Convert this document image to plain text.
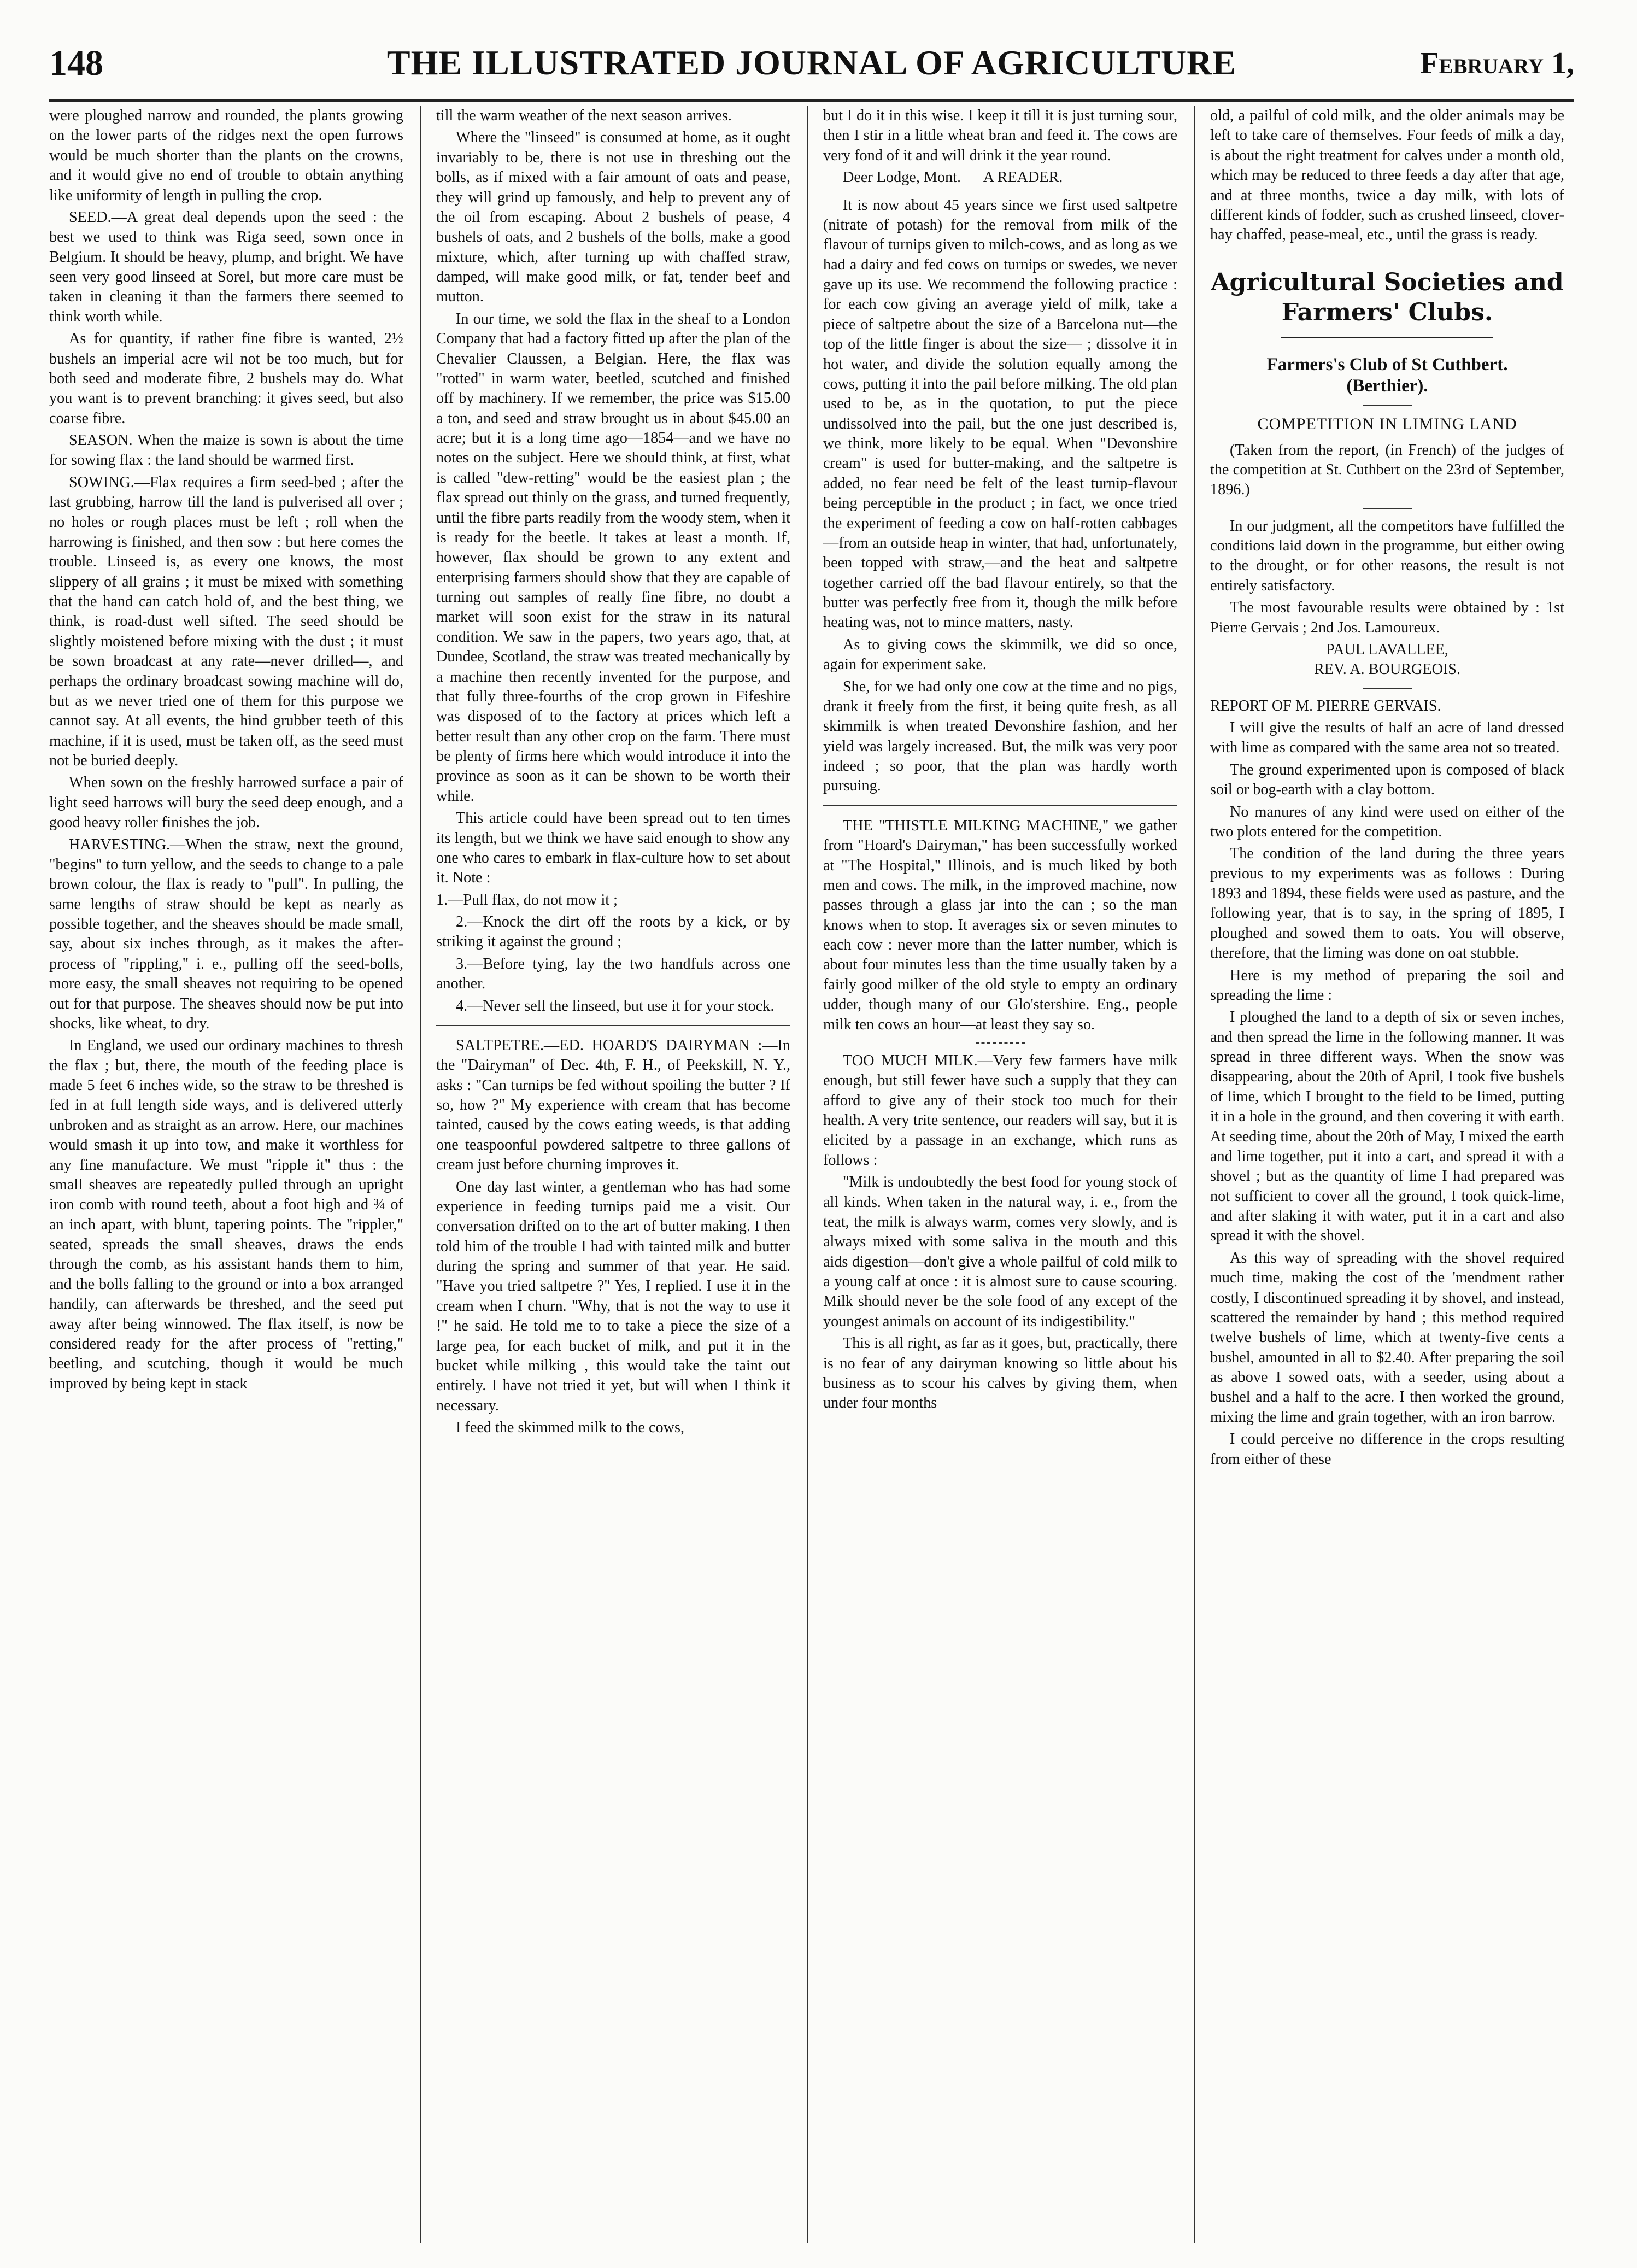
148	THE ILLUSTRATED JOURNAL OF AGRICULTURE	February 1,

were ploughed narrow and rounded, the plants growing on the lower parts of the ridges next the open furrows would be much shorter than the plants on the crowns, and it would give no end of trouble to obtain anything like uniformity of length in pulling the crop.

SEED.—A great deal depends upon the seed : the best we used to think was Riga seed, sown once in Belgium. It should be heavy, plump, and bright. We have seen very good linseed at Sorel, but more care must be taken in cleaning it than the farmers there seemed to think worth while.

As for quantity, if rather fine fibre is wanted, 2½ bushels an imperial acre wil not be too much, but for both seed and moderate fibre, 2 bushels may do. What you want is to prevent branching: it gives seed, but also coarse fibre.

SEASON. When the maize is sown is about the time for sowing flax : the land should be warmed first.

SOWING.—Flax requires a firm seed-bed ; after the last grubbing, harrow till the land is pulverised all over ; no holes or rough places must be left ; roll when the harrowing is finished, and then sow : but here comes the trouble. Linseed is, as every one knows, the most slippery of all grains ; it must be mixed with something that the hand can catch hold of, and the best thing, we think, is road-dust well sifted. The seed should be slightly moistened before mixing with the dust ; it must be sown broadcast at any rate—never drilled—, and perhaps the ordinary broadcast sowing machine will do, but as we never tried one of them for this purpose we cannot say. At all events, the hind grubber teeth of this machine, if it is used, must be taken off, as the seed must not be buried deeply.

When sown on the freshly harrowed surface a pair of light seed harrows will bury the seed deep enough, and a good heavy roller finishes the job.

HARVESTING.—When the straw, next the ground, "begins" to turn yellow, and the seeds to change to a pale brown colour, the flax is ready to "pull". In pulling, the same lengths of straw should be kept as nearly as possible together, and the sheaves should be made small, say, about six inches through, as it makes the after-process of "rippling," i. e., pulling off the seed-bolls, more easy, the small sheaves not requiring to be opened out for that purpose. The sheaves should now be put into shocks, like wheat, to dry.

In England, we used our ordinary machines to thresh the flax ; but, there, the mouth of the feeding place is made 5 feet 6 inches wide, so the straw to be threshed is fed in at full length side ways, and is delivered utterly unbroken and as straight as an arrow. Here, our machines would smash it up into tow, and make it worthless for any fine manufacture. We must "ripple it" thus : the small sheaves are repeatedly pulled through an upright iron comb with round teeth, about a foot high and ¾ of an inch apart, with blunt, tapering points. The "rippler," seated, spreads the small sheaves, draws the ends through the comb, as his assistant hands them to him, and the bolls falling to the ground or into a box arranged handily, can afterwards be threshed, and the seed put away after being winnowed. The flax itself, is now be considered ready for the after process of "retting," beetling, and scutching, though it would be much improved by being kept in stack

till the warm weather of the next season arrives.

Where the "linseed" is consumed at home, as it ought invariably to be, there is not use in threshing out the bolls, as if mixed with a fair amount of oats and pease, they will grind up famously, and help to prevent any of the oil from escaping. About 2 bushels of pease, 4 bushels of oats, and 2 bushels of the bolls, make a good mixture, which, after turning up with chaffed straw, damped, will make good milk, or fat, tender beef and mutton.

In our time, we sold the flax in the sheaf to a London Company that had a factory fitted up after the plan of the Chevalier Claussen, a Belgian. Here, the flax was "rotted" in warm water, beetled, scutched and finished off by machinery. If we remember, the price was $15.00 a ton, and seed and straw brought us in about $45.00 an acre; but it is a long time ago—1854—and we have no notes on the subject. Here we should think, at first, what is called "dew-retting" would be the easiest plan ; the flax spread out thinly on the grass, and turned frequently, until the fibre parts readily from the woody stem, when it is ready for the beetle. It takes at least a month. If, however, flax should be grown to any extent and enterprising farmers should show that they are capable of turning out samples of really fine fibre, no doubt a market will soon exist for the straw in its natural condition. We saw in the papers, two years ago, that, at Dundee, Scotland, the straw was treated mechanically by a machine then recently invented for the purpose, and that fully three-fourths of the crop grown in Fifeshire was disposed of to the factory at prices which left a better result than any other crop on the farm. There must be plenty of firms here which would introduce it into the province as soon as it can be shown to be worth their while.

This article could have been spread out to ten times its length, but we think we have said enough to show any one who cares to embark in flax-culture how to set about it. Note :

1.—Pull flax, do not mow it ;

2.—Knock the dirt off the roots by a kick, or by striking it against the ground ;

3.—Before tying, lay the two handfuls across one another.

4.—Never sell the linseed, but use it for your stock.

SALTPETRE.—ED. HOARD'S DAIRYMAN :—In the "Dairyman" of Dec. 4th, F. H., of Peekskill, N. Y., asks : "Can turnips be fed without spoiling the butter ? If so, how ?" My experience with cream that has become tainted, caused by the cows eating weeds, is that adding one teaspoonful powdered saltpetre to three gallons of cream just before churning improves it.

One day last winter, a gentleman who has had some experience in feeding turnips paid me a visit. Our conversation drifted on to the art of butter making. I then told him of the trouble I had with tainted milk and butter during the spring and summer of that year. He said. "Have you tried saltpetre ?" Yes, I replied. I use it in the cream when I churn. "Why, that is not the way to use it !" he said. He told me to to take a piece the size of a large pea, for each bucket of milk, and put it in the bucket while milking , this would take the taint out entirely. I have not tried it yet, but will when I think it necessary.

I feed the skimmed milk to the cows,

but I do it in this wise. I keep it till it is just turning sour, then I stir in a little wheat bran and feed it. The cows are very fond of it and will drink it the year round.

Deer Lodge, Mont.      A READER.

It is now about 45 years since we first used saltpetre (nitrate of potash) for the removal from milk of the flavour of turnips given to milch-cows, and as long as we had a dairy and fed cows on turnips or swedes, we never gave up its use. We recommend the following practice : for each cow giving an average yield of milk, take a piece of saltpetre about the size of a Barcelona nut—the top of the little finger is about the size— ; dissolve it in hot water, and divide the solution equally among the cows, putting it into the pail before milking. The old plan used to be, as in the quotation, to put the piece undissolved into the pail, but the one just described is, we think, more likely to be equal. When "Devonshire cream" is used for butter-making, and the saltpetre is added, no fear need be felt of the least turnip-flavour being perceptible in the product ; in fact, we once tried the experiment of feeding a cow on half-rotten cabbages—from an outside heap in winter, that had, unfortunately, been topped with straw,—and the heat and saltpetre together carried off the bad flavour entirely, so that the butter was perfectly free from it, though the milk before heating was, not to mince matters, nasty.

As to giving cows the skimmilk, we did so once, again for experiment sake.

She, for we had only one cow at the time and no pigs, drank it freely from the first, it being quite fresh, as all skimmilk is when treated Devonshire fashion, and her yield was largely increased. But, the milk was very poor indeed ; so poor, that the plan was hardly worth pursuing.

THE "THISTLE MILKING MACHINE," we gather from "Hoard's Dairyman," has been successfully worked at "The Hospital," Illinois, and is much liked by both men and cows. The milk, in the improved machine, now passes through a glass jar into the can ; so the man knows when to stop. It averages six or seven minutes to each cow : never more than the latter number, which is about four minutes less than the time usually taken by a fairly good milker of the old style to empty an ordinary udder, though many of our Glo'stershire. Eng., people milk ten cows an hour—at least they say so.

TOO MUCH MILK.—Very few farmers have milk enough, but still fewer have such a supply that they can afford to give any of their stock too much for their health. A very trite sentence, our readers will say, but it is elicited by a passage in an exchange, which runs as follows :

"Milk is undoubtedly the best food for young stock of all kinds. When taken in the natural way, i. e., from the teat, the milk is always warm, comes very slowly, and is always mixed with some saliva in the mouth and this aids digestion—don't give a whole pailful of cold milk to a young calf at once : it is almost sure to cause scouring. Milk should never be the sole food of any except of the youngest animals on account of its indigestibility."

This is all right, as far as it goes, but, practically, there is no fear of any dairyman knowing so little about his business as to scour his calves by giving them, when under four months

old, a pailful of cold milk, and the older animals may be left to take care of themselves. Four feeds of milk a day, is about the right treatment for calves under a month old, which may be reduced to three feeds a day after that age, and at three months, twice a day milk, with lots of different kinds of fodder, such as crushed linseed, clover-hay chaffed, pease-meal, etc., until the grass is ready.

Agricultural Societies and
Farmers' Clubs.
Farmers's Club of St Cuthbert.
(Berthier).
COMPETITION IN LIMING LAND

(Taken from the report, (in French) of the judges of the competition at St. Cuthbert on the 23rd of September, 1896.)

In our judgment, all the competitors have fulfilled the conditions laid down in the programme, but either owing to the drought, or for other reasons, the result is not entirely satisfactory.

The most favourable results were obtained by : 1st Pierre Gervais ; 2nd Jos. Lamoureux.

PAUL LAVALLEE,

REV. A. BOURGEOIS.

REPORT OF M. PIERRE GERVAIS.

I will give the results of half an acre of land dressed with lime as compared with the same area not so treated.

The ground experimented upon is composed of black soil or bog-earth with a clay bottom.

No manures of any kind were used on either of the two plots entered for the competition.

The condition of the land during the three years previous to my experiments was as follows : During 1893 and 1894, these fields were used as pasture, and the following year, that is to say, in the spring of 1895, I ploughed and sowed them to oats. You will observe, therefore, that the liming was done on oat stubble.

Here is my method of preparing the soil and spreading the lime :

I ploughed the land to a depth of six or seven inches, and then spread the lime in the following manner. It was spread in three different ways. When the snow was disappearing, about the 20th of April, I took five bushels of lime, which I brought to the field to be limed, putting it in a hole in the ground, and then covering it with earth. At seeding time, about the 20th of May, I mixed the earth and lime together, put it into a cart, and spread it with a shovel ; but as the quantity of lime I had prepared was not sufficient to cover all the ground, I took quick-lime, and after slaking it with water, put it in a cart and also spread it with the shovel.

As this way of spreading with the shovel required much time, making the cost of the 'mendment rather costly, I discontinued spreading it by shovel, and instead, scattered the remainder by hand ; this method required twelve bushels of lime, which at twenty-five cents a bushel, amounted in all to $2.40. After preparing the soil as above I sowed oats, with a seeder, using about a bushel and a half to the acre. I then worked the ground, mixing the lime and grain together, with an iron barrow.

I could perceive no difference in the crops resulting from either of these
